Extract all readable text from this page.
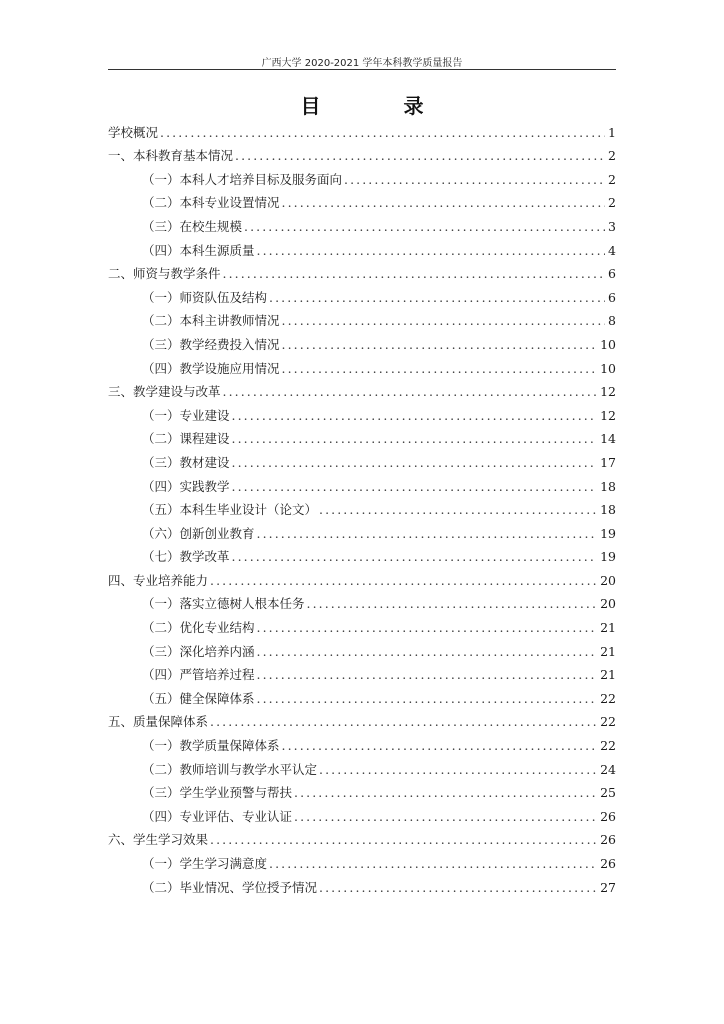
广西大学 2020-2021 学年本科教学质量报告
目 录
学校概况 .....	1
一、本科教育基本情况 .....	2
（一）本科人才培养目标及服务面向 .....	2
（二）本科专业设置情况 .....	2
（三）在校生规模 .....	3
（四）本科生源质量 .....	4
二、师资与教学条件 .....	6
（一）师资队伍及结构 .....	6
（二）本科主讲教师情况 .....	8
（三）教学经费投入情况 .....	10
（四）教学设施应用情况 .....	10
三、教学建设与改革 .....	12
（一）专业建设 .....	12
（二）课程建设 .....	14
（三）教材建设 .....	17
（四）实践教学 .....	18
（五）本科生毕业设计（论文） .....	18
（六）创新创业教育 .....	19
（七）教学改革 .....	19
四、专业培养能力 .....	20
（一）落实立德树人根本任务 .....	20
（二）优化专业结构 .....	21
（三）深化培养内涵 .....	21
（四）严管培养过程 .....	21
（五）健全保障体系 .....	22
五、质量保障体系 .....	22
（一）教学质量保障体系 .....	22
（二）教师培训与教学水平认定 .....	24
（三）学生学业预警与帮扶 .....	25
（四）专业评估、专业认证 .....	26
六、学生学习效果 .....	26
（一）学生学习满意度 .....	26
（二）毕业情况、学位授予情况 .....	27
